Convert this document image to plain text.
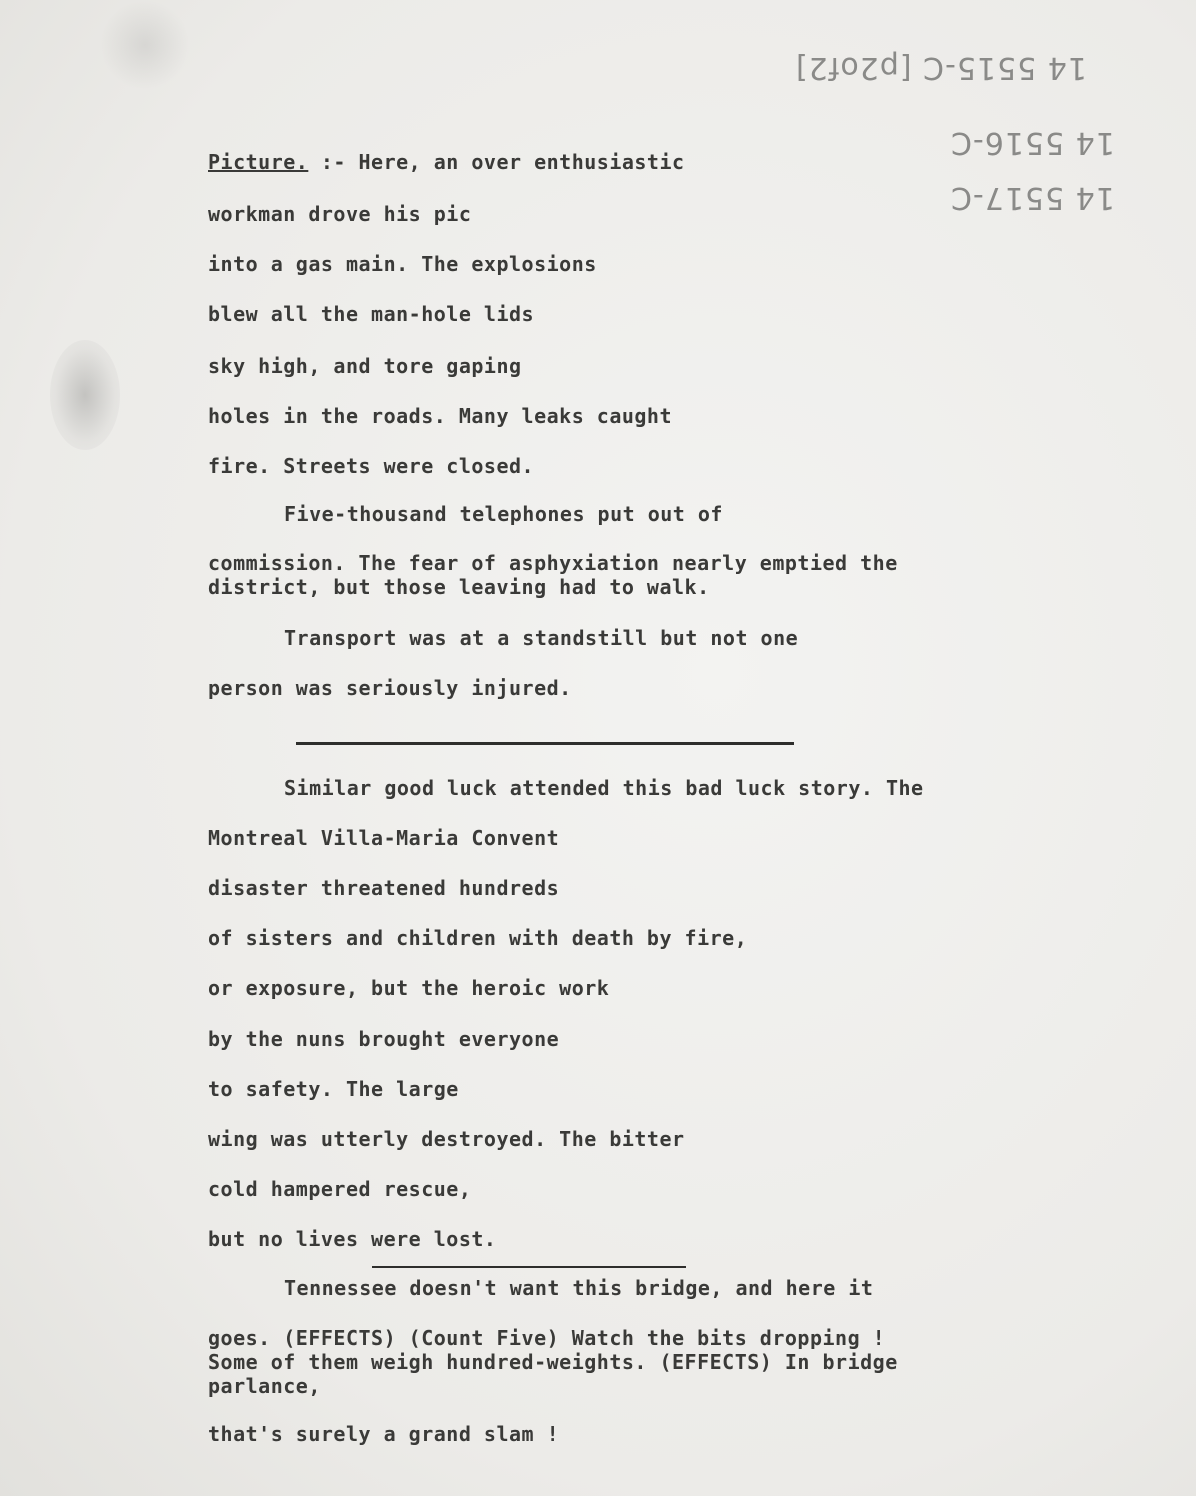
14 5515-C [p2of2]
14 5516-C
14 5517-C
Picture. :- Here, an over enthusiastic
workman drove his pic
into a gas main. The explosions
blew all the man-hole lids
sky high, and tore gaping
holes in the roads. Many leaks caught
fire. Streets were closed.
Five-thousand telephones put out of
commission. The fear of asphyxiation nearly emptied the
district, but those leaving had to walk.
Transport was at a standstill but not one
person was seriously injured.
Similar good luck attended this bad luck story. The
Montreal Villa-Maria Convent
disaster threatened hundreds
of sisters and children with death by fire,
or exposure, but the heroic work
by the nuns brought everyone
to safety. The large
wing was utterly destroyed. The bitter
cold hampered rescue,
but no lives were lost.
Tennessee doesn't want this bridge, and here it
goes. (EFFECTS) (Count Five) Watch the bits dropping !
Some of them weigh hundred-weights. (EFFECTS) In bridge
parlance,
that's surely a grand slam !
